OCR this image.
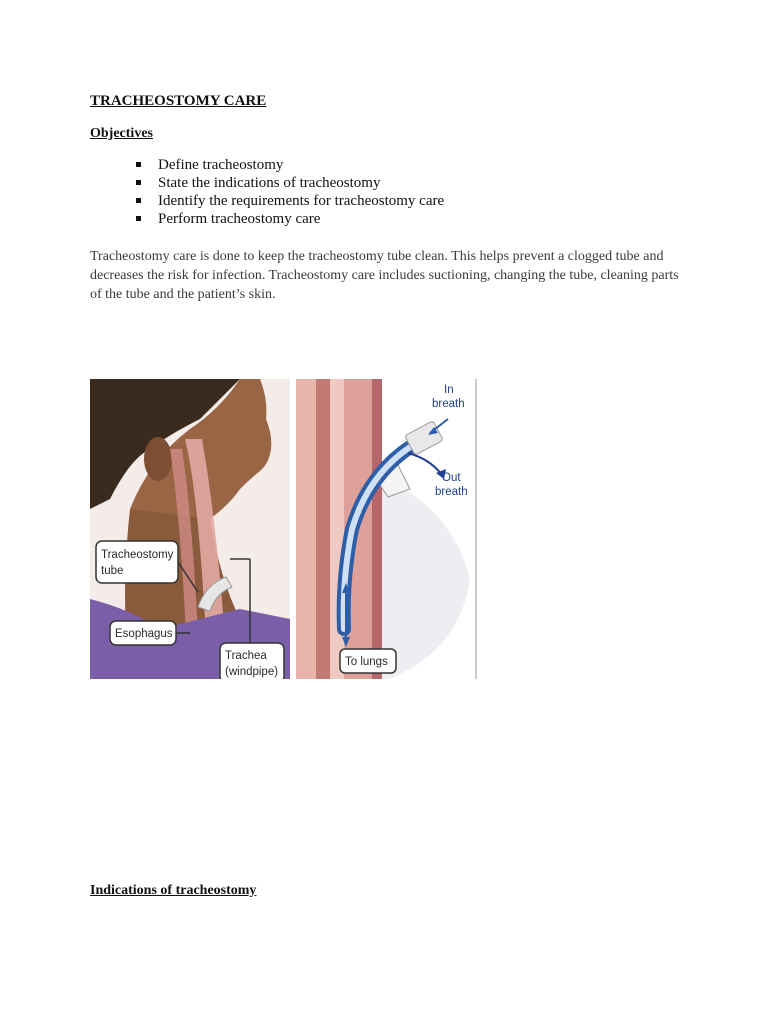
TRACHEOSTOMY CARE
Objectives
Define tracheostomy
State the indications of tracheostomy
Identify the requirements for tracheostomy care
Perform tracheostomy care

Tracheostomy care is done to keep the tracheostomy tube clean. This helps prevent a clogged tube and decreases the risk for infection. Tracheostomy care includes suctioning, changing the tube, cleaning parts of the tube and the patient’s skin.

Tracheostomy
tube
Esophagus
Trachea
(windpipe)
In
breath
Out
breath
To lungs
Indications of tracheostomy
